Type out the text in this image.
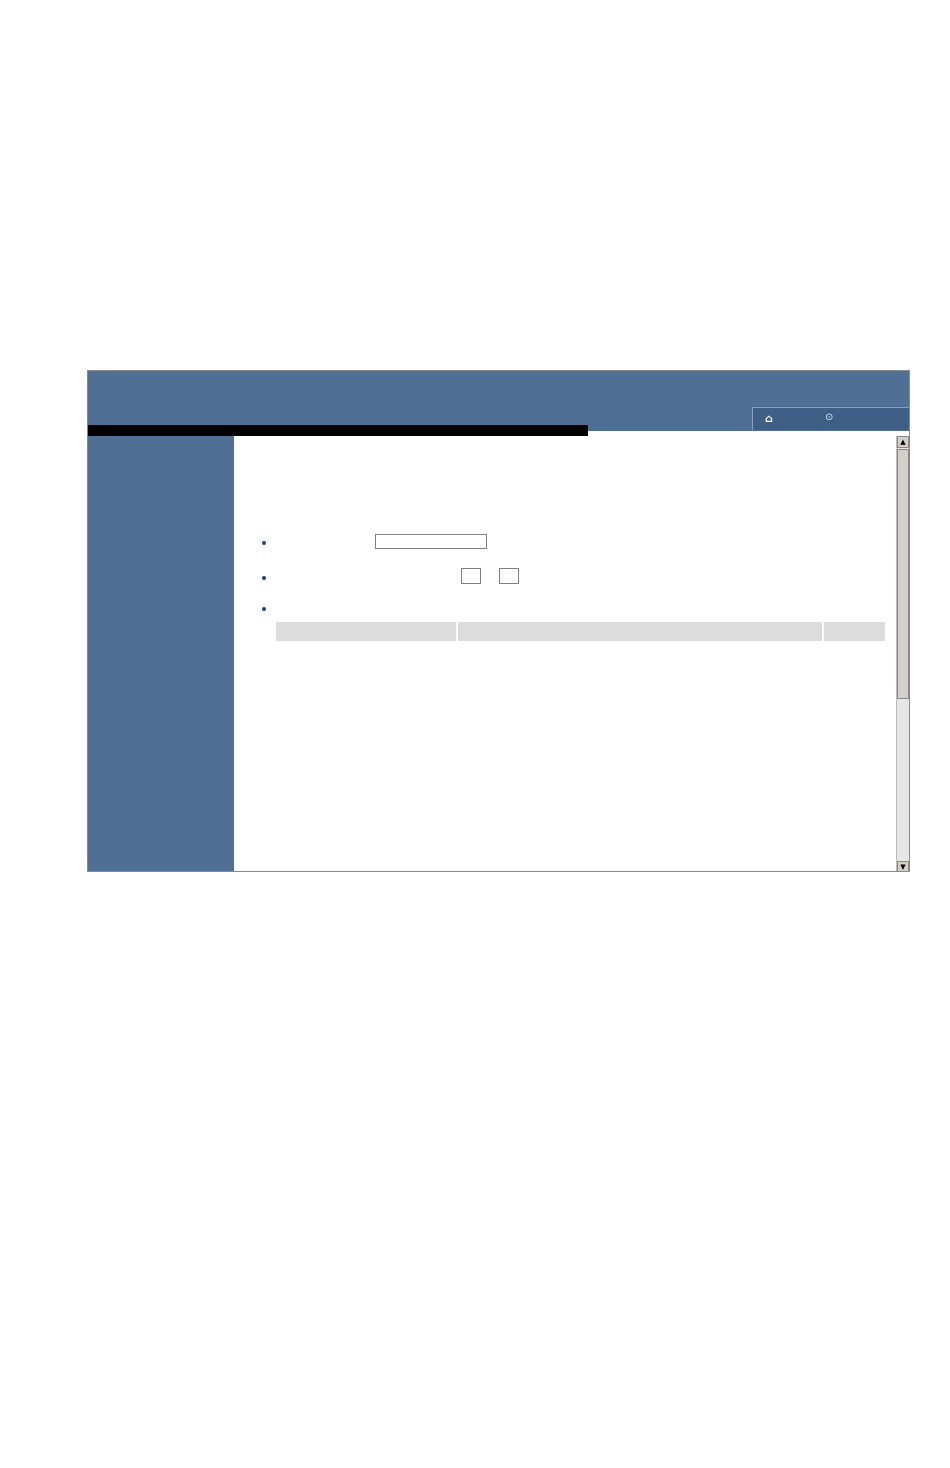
⌂	⊙

▲
▼
